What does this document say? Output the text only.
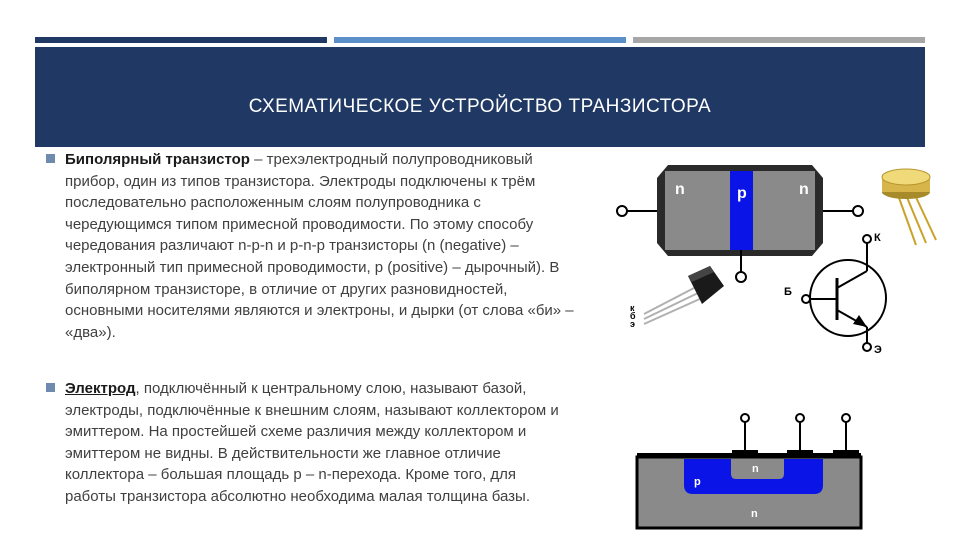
СХЕМАТИЧЕСКОЕ УСТРОЙСТВО ТРАНЗИСТОРА
Биполярный транзистор – трехэлектродный полупроводниковый прибор, один из типов транзистора. Электроды подключены к трём последовательно расположенным слоям полупроводника с чередующимся типом примесной проводимости. По этому способу чередования различают n-p-n и p-n-p транзисторы (n (negative) – электронный тип примесной проводимости, p (positive) – дырочный). В биполярном транзисторе, в отличие от других разновидностей, основными носителями являются и электроны, и дырки (от слова «би» – «два»).
Электрод, подключённый к центральному слою, называют базой, электроды, подключённые к внешним слоям, называют коллектором и эмиттером. На простейшей схеме различия между коллектором и эмиттером не видны. В действительности же главное отличие коллектора – большая площадь p – n-перехода. Кроме того, для работы транзистора абсолютно необходима малая толщина базы.
n	p	n
К
Б
Э
к
б
э
p
n
n
